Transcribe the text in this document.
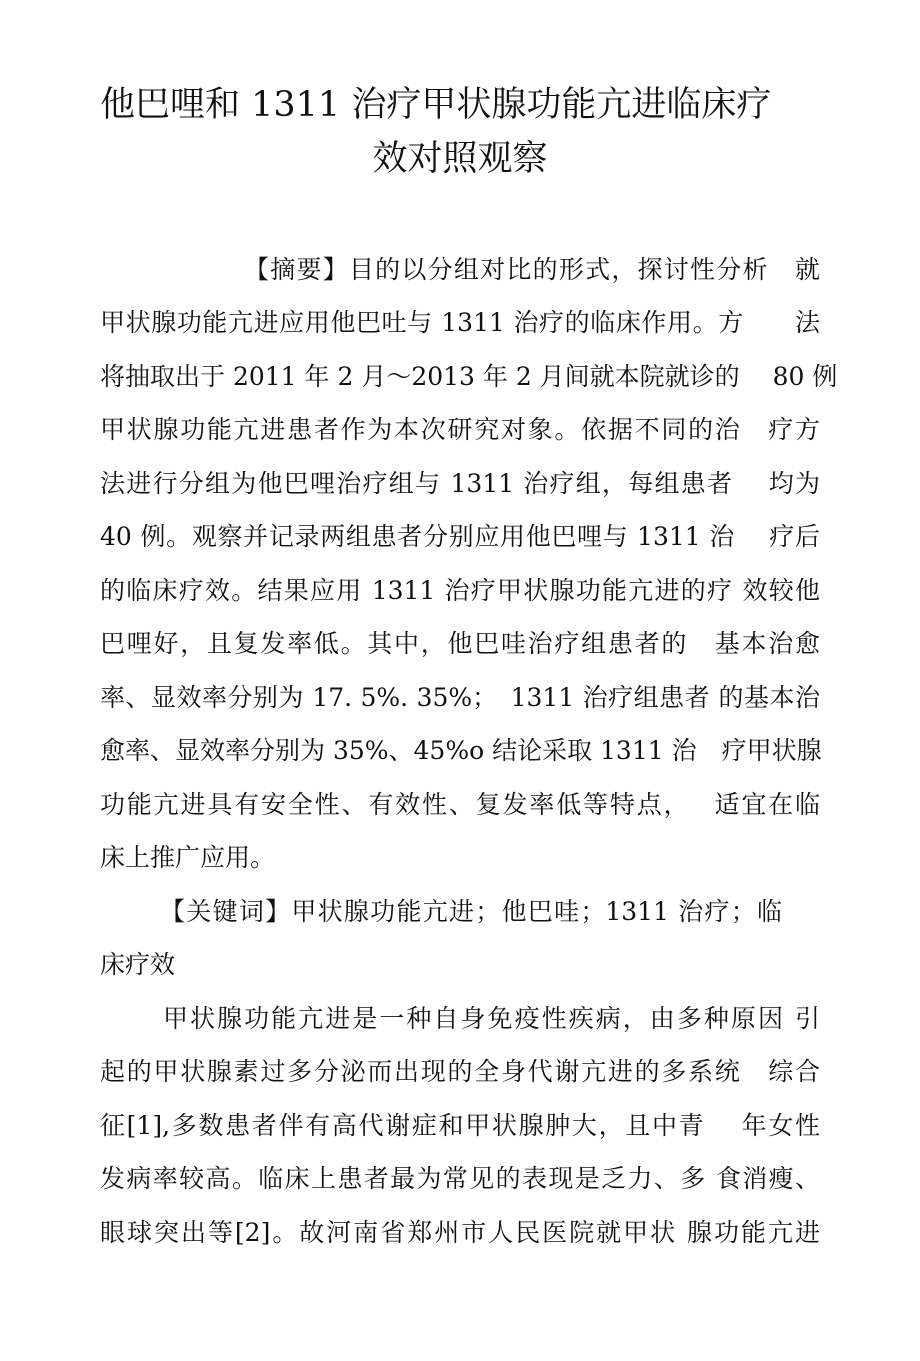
他巴哩和 1311 治疗甲状腺功能亢进临床疗
效对照观察
【摘要】目的以分组对比的形式，探讨性分析　就
甲状腺功能亢进应用他巴吐与 1311 治疗的临床作用。方　　法
将抽取出于 2011 年 2 月～2013 年 2 月间就本院就诊的　 80 例
甲状腺功能亢进患者作为本次研究对象。依据不同的治　疗方
法进行分组为他巴哩治疗组与 1311 治疗组，每组患者　 均为
40 例。观察并记录两组患者分别应用他巴哩与 1311 治　 疗后
的临床疗效。结果应用 1311 治疗甲状腺功能亢进的疗 效较他
巴哩好，且复发率低。其中，他巴哇治疗组患者的　基本治愈
率、显效率分别为 17. 5%. 35%；　1311 治疗组患者 的基本治
愈率、显效率分别为 35%、45%o 结论采取 1311 治　疗甲状腺
功能亢进具有安全性、有效性、复发率低等特点，　 适宜在临
床上推广应用。
【关键词】甲状腺功能亢进；他巴哇；1311 治疗；临
床疗效
甲状腺功能亢进是一种自身免疫性疾病，由多种原因 引
起的甲状腺素过多分泌而出现的全身代谢亢进的多系统　综合
征[1],多数患者伴有高代谢症和甲状腺肿大，且中青　 年女性
发病率较高。临床上患者最为常见的表现是乏力、多 食消瘦、
眼球突出等[2]。故河南省郑州市人民医院就甲状 腺功能亢进
